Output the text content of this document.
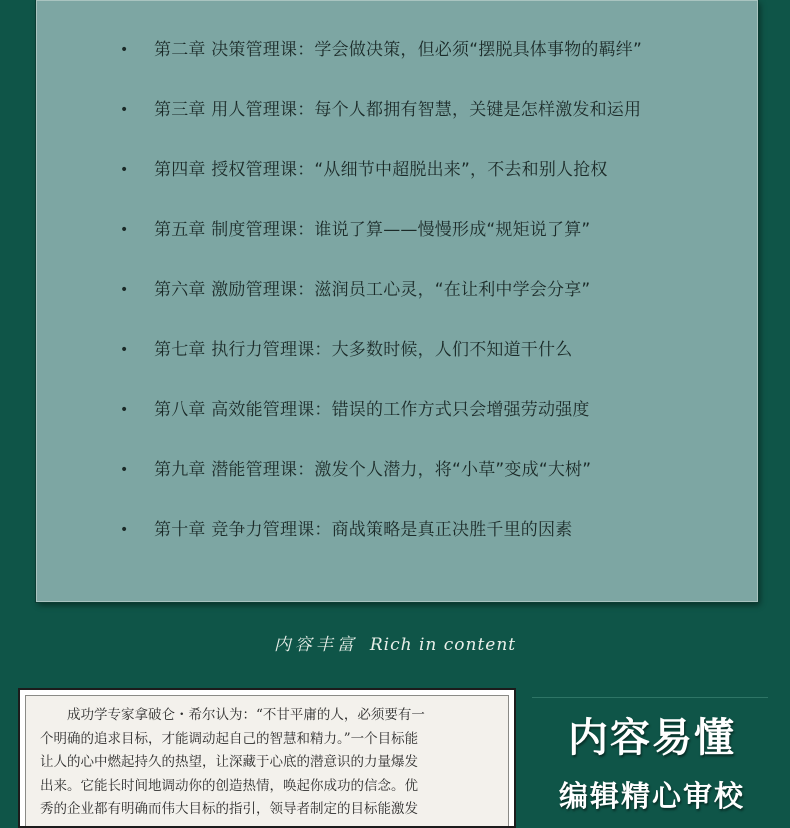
• 第二章 决策管理课：学会做决策，但必须“摆脱具体事物的羁绊”
• 第三章 用人管理课：每个人都拥有智慧，关键是怎样激发和运用
• 第四章 授权管理课：“从细节中超脱出来”，不去和别人抢权
• 第五章 制度管理课：谁说了算——慢慢形成“规矩说了算”
• 第六章 激励管理课：滋润员工心灵，“在让利中学会分享”
• 第七章 执行力管理课：大多数时候，人们不知道干什么
• 第八章 高效能管理课：错误的工作方式只会增强劳动强度
• 第九章 潜能管理课：激发个人潜力，将“小草”变成“大树”
• 第十章 竞争力管理课：商战策略是真正决胜千里的因素
内容丰富 Rich in content
成功学专家拿破仑・希尔认为：“不甘平庸的人，必须要有一
个明确的追求目标，才能调动起自己的智慧和精力。”一个目标能
让人的心中燃起持久的热望，让深藏于心底的潜意识的力量爆发
出来。它能长时间地调动你的创造热情，唤起你成功的信念。优
秀的企业都有明确而伟大目标的指引，领导者制定的目标能激发
内容易懂
编辑精心审校
